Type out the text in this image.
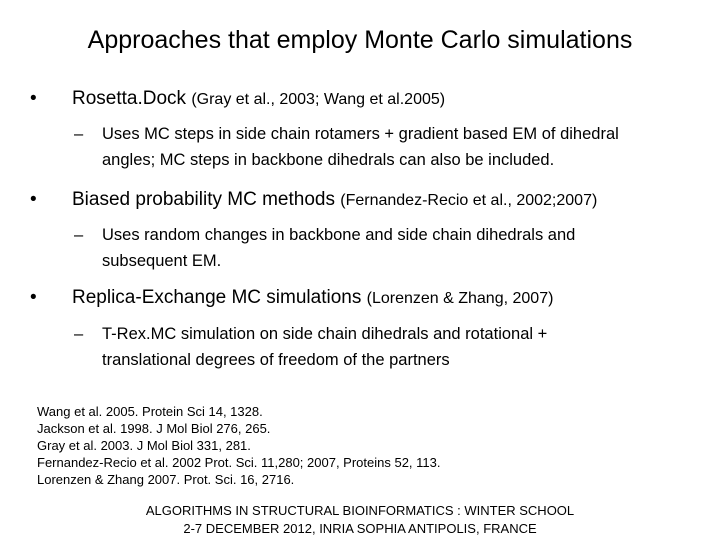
Approaches that employ Monte Carlo simulations
• Rosetta.Dock (Gray et al., 2003; Wang et al.2005)
– Uses MC steps in side chain rotamers + gradient based EM of dihedral
angles; MC steps in backbone dihedrals can also be included.
• Biased probability MC methods (Fernandez-Recio et al., 2002;2007)
– Uses random changes in backbone and side chain dihedrals and
subsequent EM.
• Replica-Exchange MC simulations (Lorenzen & Zhang, 2007)
– T-Rex.MC simulation on side chain dihedrals and rotational +
translational degrees of freedom of the partners
Wang et al. 2005. Protein Sci 14, 1328.
Jackson et al. 1998. J Mol Biol 276, 265.
Gray et al. 2003. J Mol Biol 331, 281.
Fernandez-Recio et al. 2002 Prot. Sci. 11,280; 2007, Proteins 52, 113.
Lorenzen & Zhang 2007. Prot. Sci. 16, 2716.
ALGORITHMS IN STRUCTURAL BIOINFORMATICS : WINTER SCHOOL
2-7 DECEMBER 2012, INRIA SOPHIA ANTIPOLIS, FRANCE
